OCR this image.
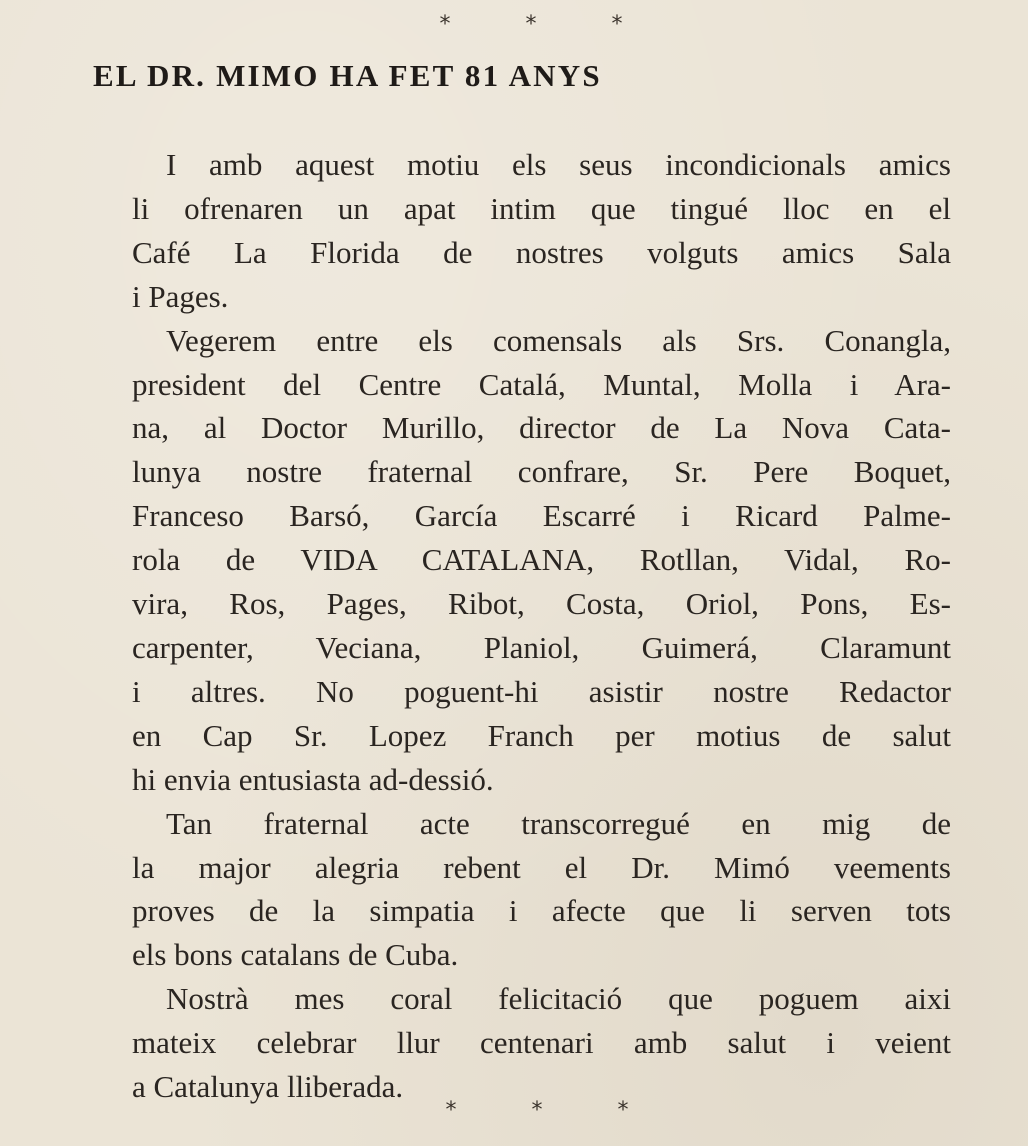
* * *
EL DR. MIMO HA FET 81 ANYS

I amb aquest motiu els seus incondicionals amics
li ofrenaren un apat intim que tingué lloc en el
Café La Florida de nostres volguts amics Sala
i Pages.

Vegerem entre els comensals als Srs. Conangla,
president del Centre Catalá, Muntal, Molla i Ara-
na, al Doctor Murillo, director de La Nova Cata-
lunya nostre fraternal confrare, Sr. Pere Boquet,
Franceso Barsó, García Escarré i Ricard Palme-
rola de VIDA CATALANA, Rotllan, Vidal, Ro-
vira, Ros, Pages, Ribot, Costa, Oriol, Pons, Es-
carpenter, Veciana, Planiol, Guimerá, Claramunt
i altres. No poguent-hi asistir nostre Redactor
en Cap Sr. Lopez Franch per motius de salut
hi envia entusiasta ad-dessió.

Tan fraternal acte transcorregué en mig de
la major alegria rebent el Dr. Mimó veements
proves de la simpatia i afecte que li serven tots
els bons catalans de Cuba.

Nostrà mes coral felicitació que poguem aixi
mateix celebrar llur centenari amb salut i veient
a Catalunya lliberada.

* * *
